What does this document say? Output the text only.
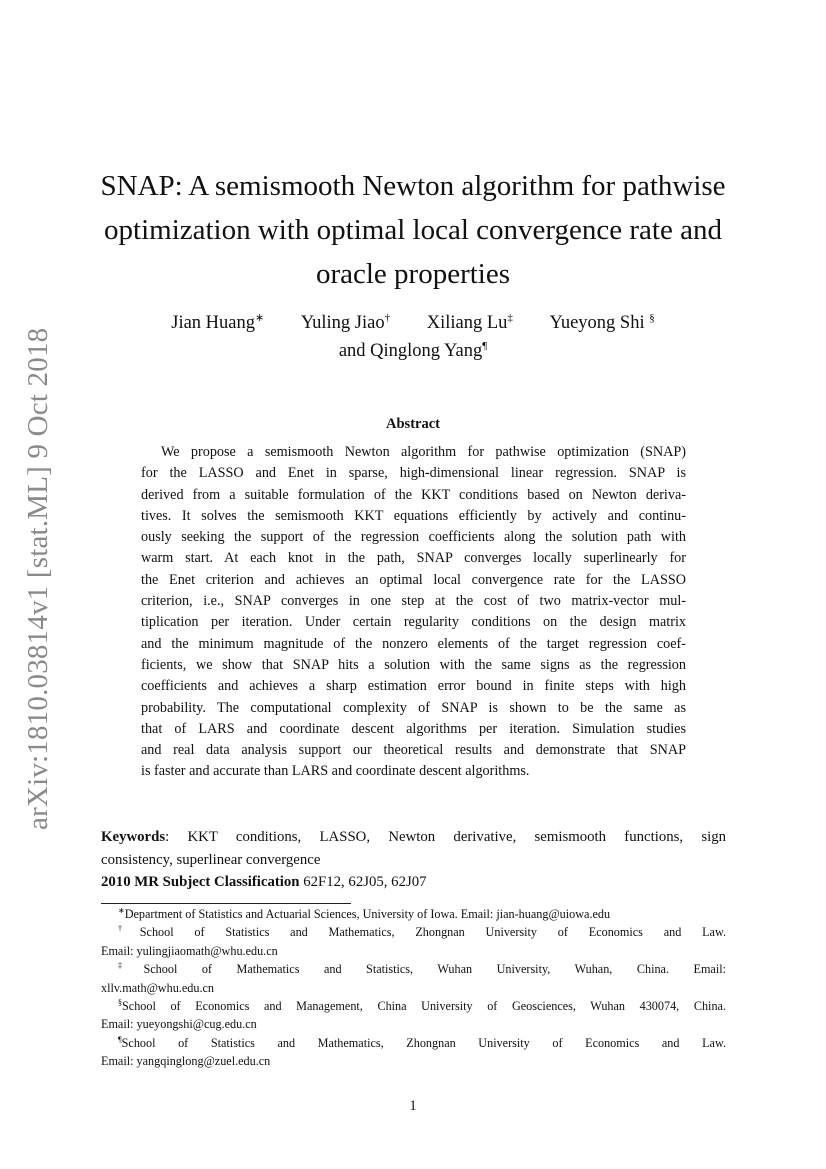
arXiv:1810.03814v1 [stat.ML] 9 Oct 2018
SNAP: A semismooth Newton algorithm for pathwise
optimization with optimal local convergence rate and
oracle properties
Jian Huang∗ Yuling Jiao† Xiliang Lu‡ Yueyong Shi §
and Qinglong Yang¶
Abstract
We propose a semismooth Newton algorithm for pathwise optimization (SNAP)
for the LASSO and Enet in sparse, high-dimensional linear regression. SNAP is
derived from a suitable formulation of the KKT conditions based on Newton deriva-
tives. It solves the semismooth KKT equations efficiently by actively and continu-
ously seeking the support of the regression coefficients along the solution path with
warm start. At each knot in the path, SNAP converges locally superlinearly for
the Enet criterion and achieves an optimal local convergence rate for the LASSO
criterion, i.e., SNAP converges in one step at the cost of two matrix-vector mul-
tiplication per iteration. Under certain regularity conditions on the design matrix
and the minimum magnitude of the nonzero elements of the target regression coef-
ficients, we show that SNAP hits a solution with the same signs as the regression
coefficients and achieves a sharp estimation error bound in finite steps with high
probability. The computational complexity of SNAP is shown to be the same as
that of LARS and coordinate descent algorithms per iteration. Simulation studies
and real data analysis support our theoretical results and demonstrate that SNAP
is faster and accurate than LARS and coordinate descent algorithms.
Keywords: KKT conditions, LASSO, Newton derivative, semismooth functions, sign
consistency, superlinear convergence
2010 MR Subject Classification 62F12, 62J05, 62J07
∗Department of Statistics and Actuarial Sciences, University of Iowa. Email: jian-huang@uiowa.edu
†School of Statistics and Mathematics, Zhongnan University of Economics and Law.
Email: yulingjiaomath@whu.edu.cn
‡School of Mathematics and Statistics, Wuhan University, Wuhan, China. Email:
xllv.math@whu.edu.cn
§School of Economics and Management, China University of Geosciences, Wuhan 430074, China.
Email: yueyongshi@cug.edu.cn
¶School of Statistics and Mathematics, Zhongnan University of Economics and Law.
Email: yangqinglong@zuel.edu.cn
1
